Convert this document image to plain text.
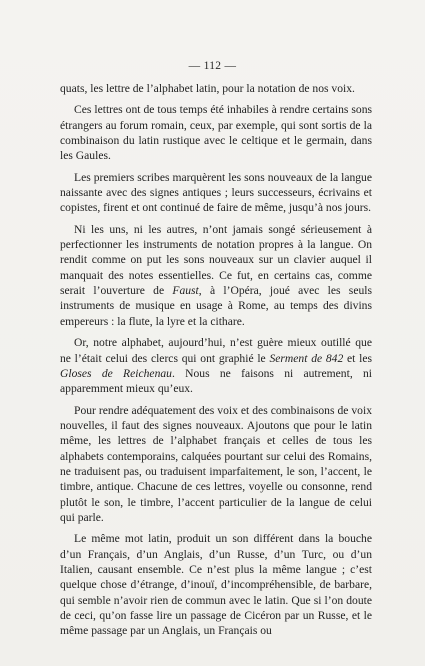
— 112 —

quats, les lettre de l’alphabet latin, pour la notation de nos voix.

Ces lettres ont de tous temps été inhabiles à rendre certains sons étrangers au forum romain, ceux, par exemple, qui sont sortis de la combinaison du latin rustique avec le celtique et le germain, dans les Gaules.

Les premiers scribes marquèrent les sons nouveaux de la langue naissante avec des signes antiques ; leurs successeurs, écrivains et copistes, firent et ont continué de faire de même, jusqu’à nos jours.

Ni les uns, ni les autres, n’ont jamais songé sérieusement à perfectionner les instruments de notation propres à la langue. On rendit comme on put les sons nouveaux sur un clavier auquel il manquait des notes essentielles. Ce fut, en certains cas, comme serait l’ouverture de Faust, à l’Opéra, joué avec les seuls instruments de musique en usage à Rome, au temps des divins empereurs : la flute, la lyre et la cithare.

Or, notre alphabet, aujourd’hui, n’est guère mieux outillé que ne l’était celui des clercs qui ont graphié le Serment de 842 et les Gloses de Reichenau. Nous ne faisons ni autrement, ni apparemment mieux qu’eux.

Pour rendre adéquatement des voix et des combinaisons de voix nouvelles, il faut des signes nouveaux. Ajoutons que pour le latin même, les lettres de l’alphabet français et celles de tous les alphabets contemporains, calquées pourtant sur celui des Romains, ne traduisent pas, ou traduisent imparfaitement, le son, l’accent, le timbre, antique. Chacune de ces lettres, voyelle ou consonne, rend plutôt le son, le timbre, l’accent particulier de la langue de celui qui parle.

Le même mot latin, produit un son différent dans la bouche d’un Français, d’un Anglais, d’un Russe, d’un Turc, ou d’un Italien, causant ensemble. Ce n’est plus la même langue ; c’est quelque chose d’étrange, d’inouï, d’incompréhensible, de barbare, qui semble n’avoir rien de commun avec le latin. Que si l’on doute de ceci, qu’on fasse lire un passage de Cicéron par un Russe, et le même passage par un Anglais, un Français ou
